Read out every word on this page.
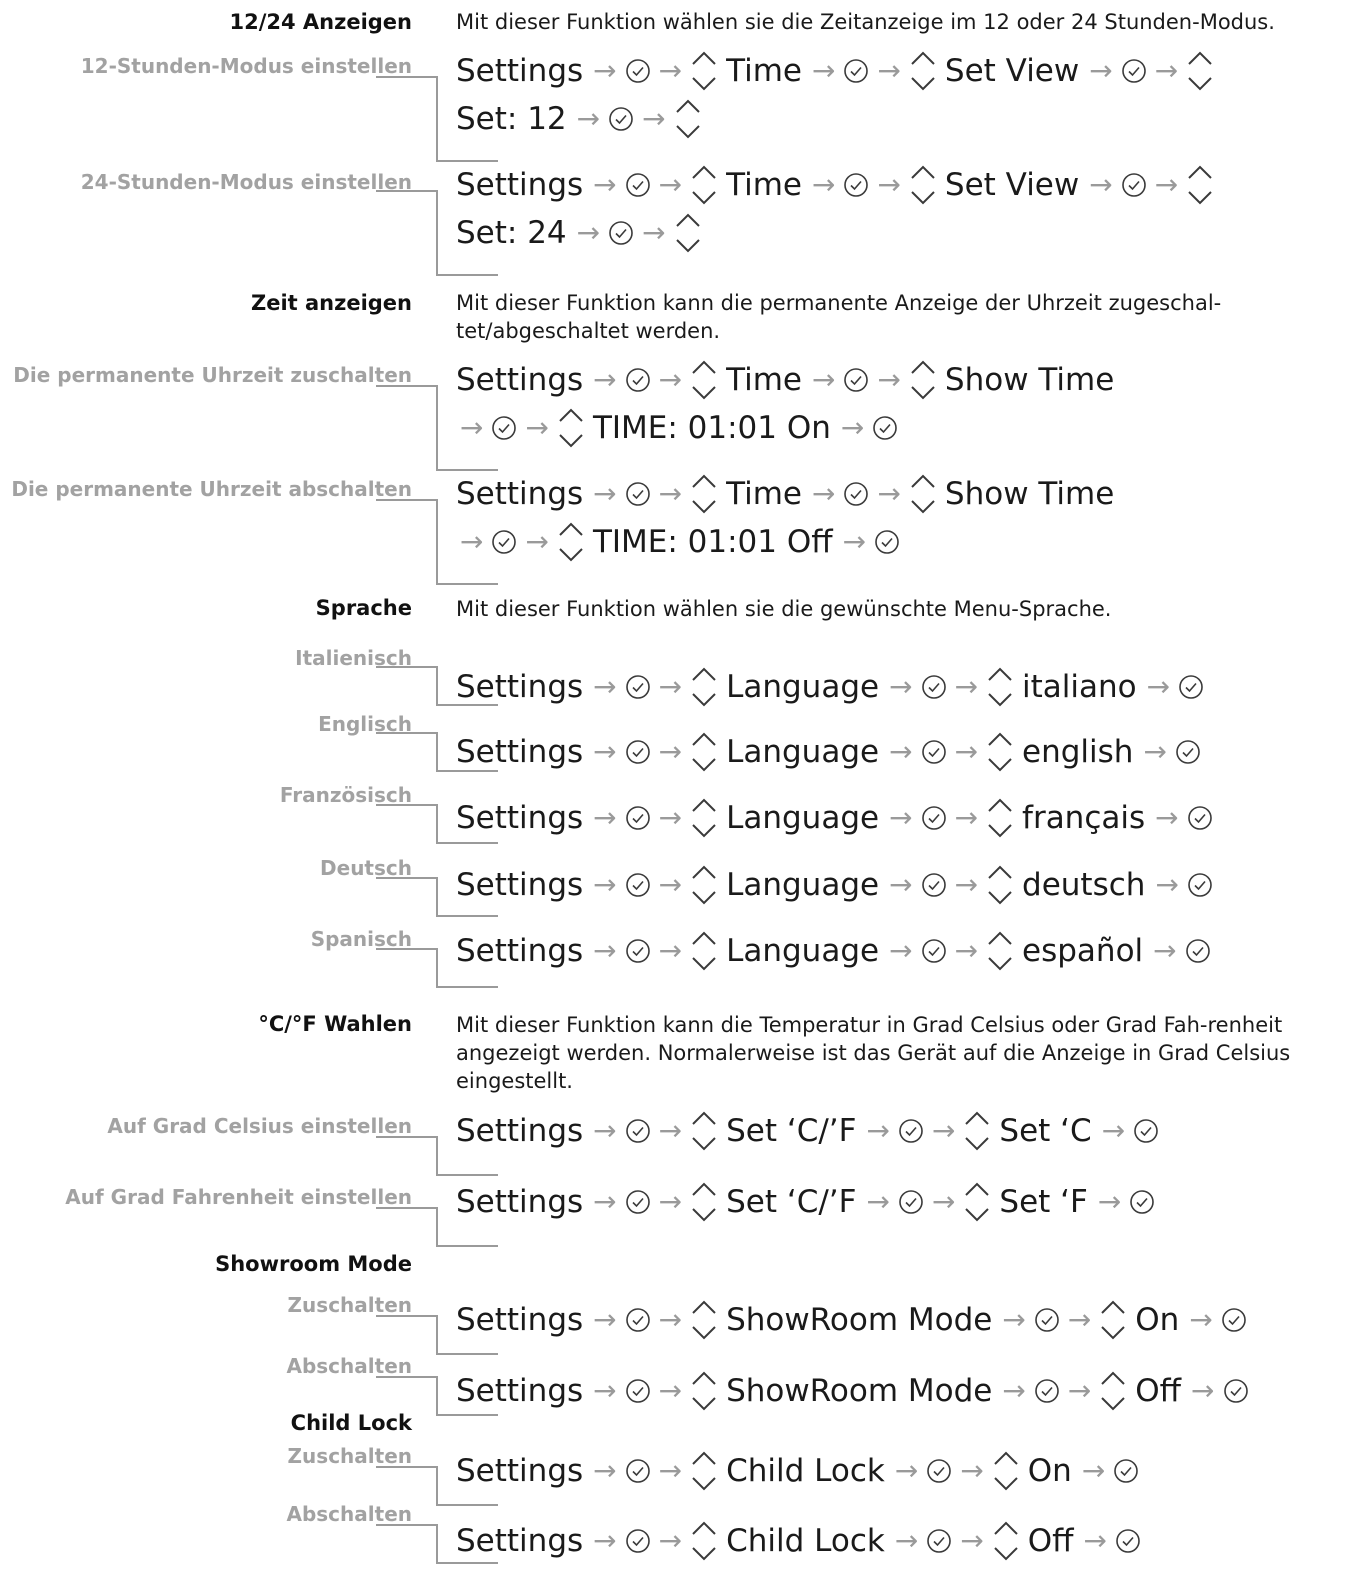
12/24 Anzeigen Mit dieser Funktion wählen sie die Zeitanzeige im 12 oder 24 Stunden-Modus.
12-Stunden-Modus einstellen Settings → → Time → → Set View → →
Set: 12 → →
24-Stunden-Modus einstellen Settings → → Time → → Set View → →
Set: 24 → →
Zeit anzeigen Mit dieser Funktion kann die permanente Anzeige der Uhrzeit zugeschal-tet/abgeschaltet werden.
Die permanente Uhrzeit zuschalten Settings → → Time → → Show Time
→ → TIME: 01:01 On →
Die permanente Uhrzeit abschalten Settings → → Time → → Show Time
→ → TIME: 01:01 Off →
Sprache Mit dieser Funktion wählen sie die gewünschte Menu-Sprache.
Italienisch
Settings → → Language → → italiano →
Englisch
Settings → → Language → → english →
Französisch
Settings → → Language → → français →
Deutsch Settings → → Language → → deutsch →
Spanisch Settings → → Language → → español →
°C/°F Wahlen Mit dieser Funktion kann die Temperatur in Grad Celsius oder Grad Fah-renheit angezeigt werden. Normalerweise ist das Gerät auf die Anzeige in Grad Celsius eingestellt.
Auf Grad Celsius einstellen Settings → → Set ‘C/’F → → Set ‘C →
Auf Grad Fahrenheit einstellen Settings → → Set ‘C/’F → → Set ‘F →
Showroom Mode
Zuschalten Settings → → ShowRoom Mode → → On →
Abschalten
Settings → → ShowRoom Mode → → Off →
Child Lock
Zuschalten Settings → → Child Lock → → On →
Abschalten
Settings → → Child Lock → → Off →
